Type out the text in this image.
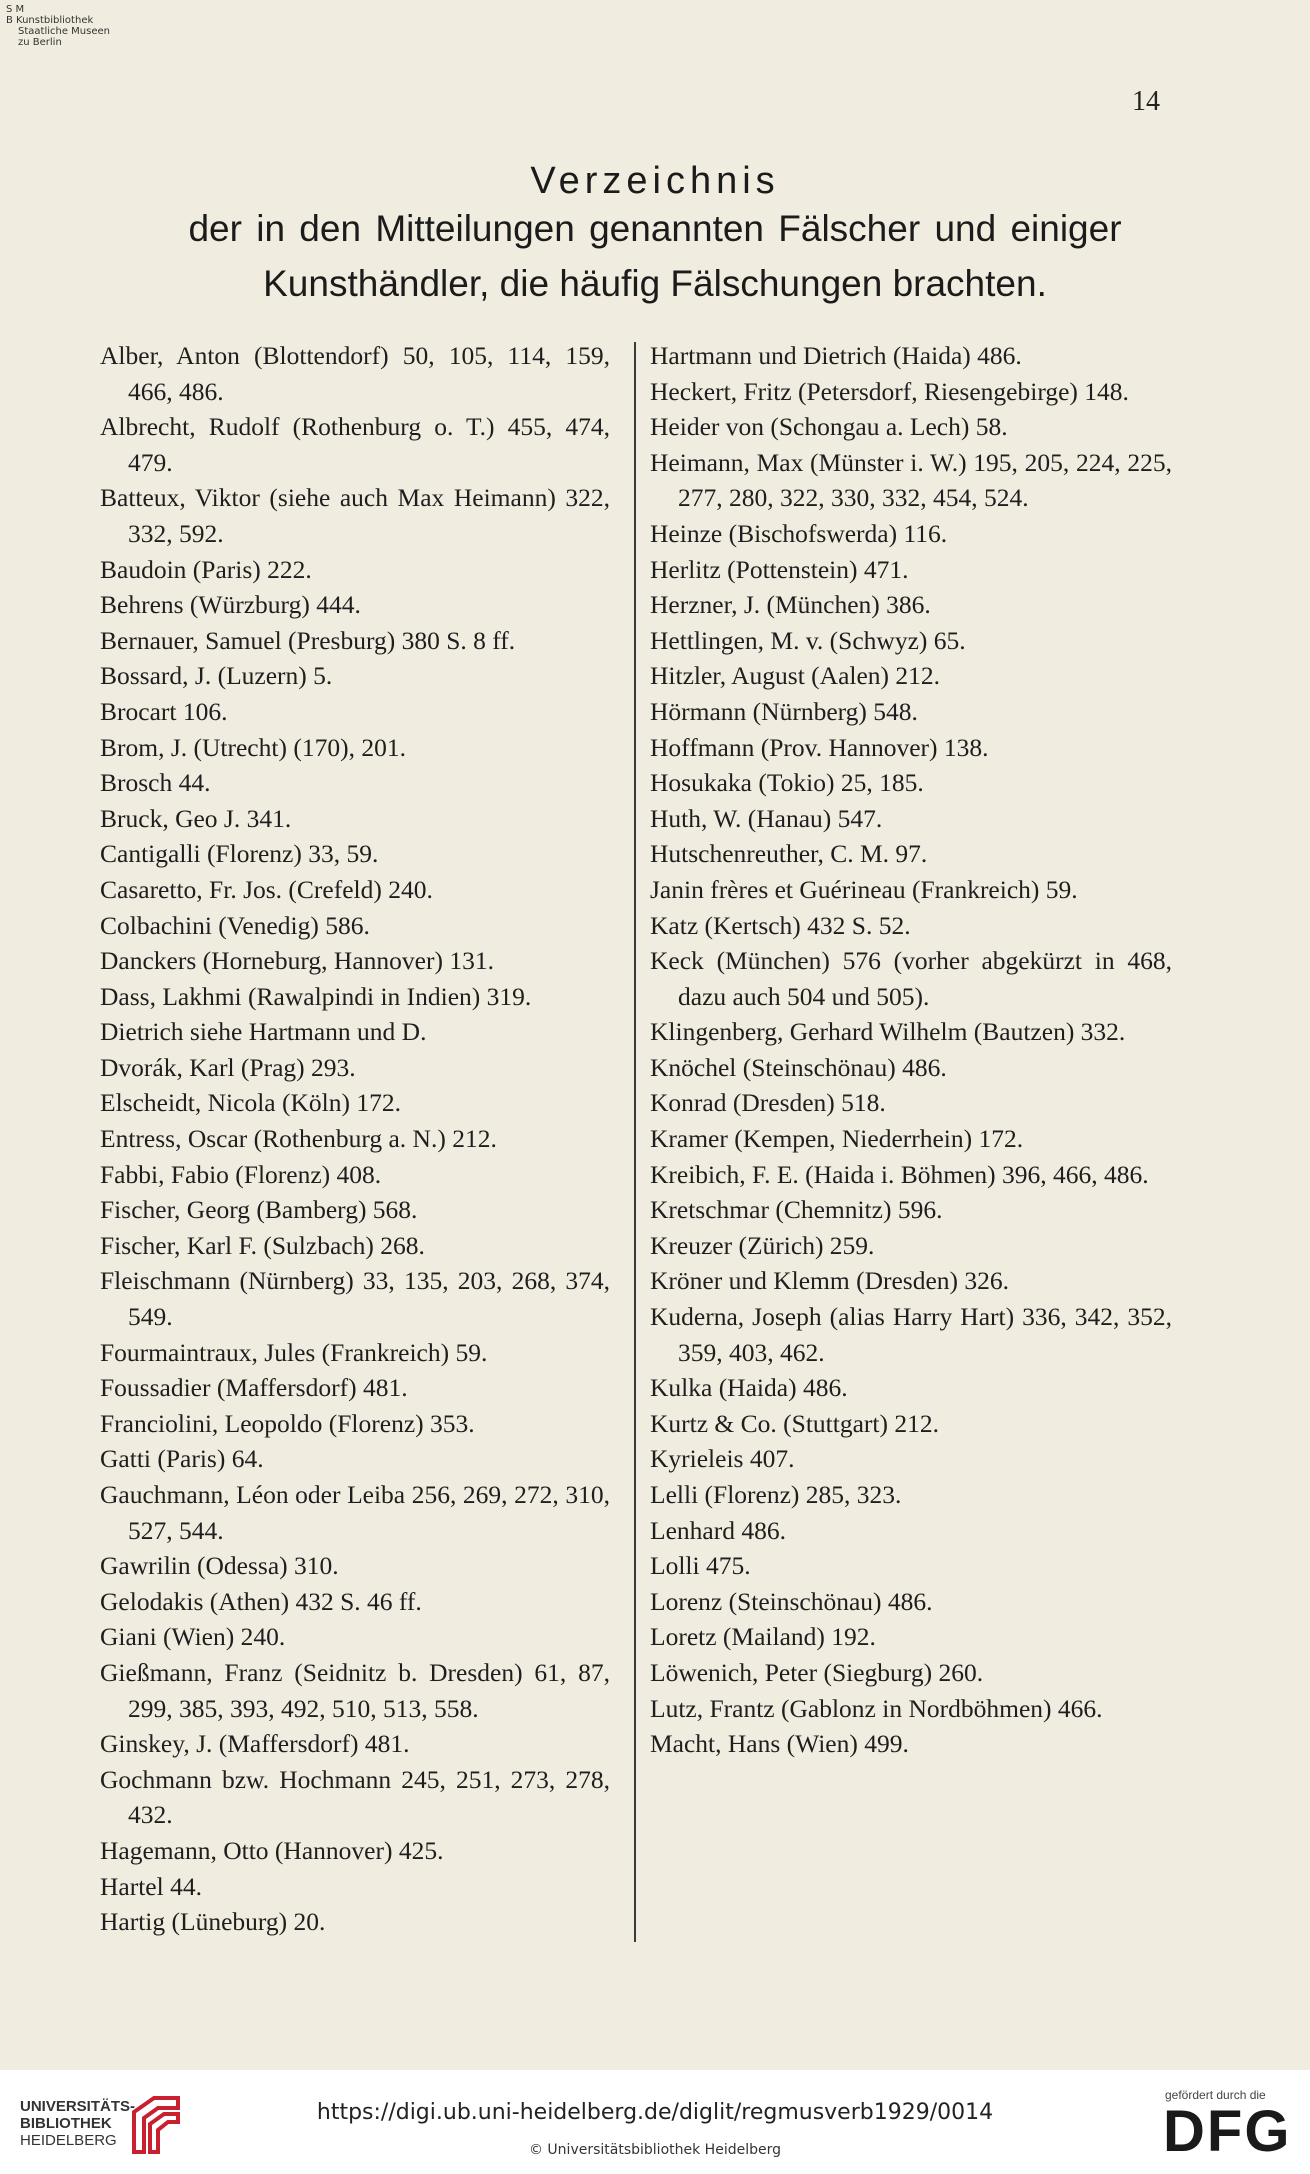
S M
B Kunstbibliothek
Staatliche Museen
zu Berlin
14
Verzeichnis
der in den Mitteilungen genannten Fälscher und einiger
Kunsthändler, die häufig Fälschungen brachten.
Alber, Anton (Blottendorf) 50, 105, 114, 159, 466, 486.
Albrecht, Rudolf (Rothenburg o. T.) 455, 474, 479.
Batteux, Viktor (siehe auch Max Heimann) 322, 332, 592.
Baudoin (Paris) 222.
Behrens (Würzburg) 444.
Bernauer, Samuel (Presburg) 380 S. 8 ff.
Bossard, J. (Luzern) 5.
Brocart 106.
Brom, J. (Utrecht) (170), 201.
Brosch 44.
Bruck, Geo J. 341.
Cantigalli (Florenz) 33, 59.
Casaretto, Fr. Jos. (Crefeld) 240.
Colbachini (Venedig) 586.
Danckers (Horneburg, Hannover) 131.
Dass, Lakhmi (Rawalpindi in Indien) 319.
Dietrich siehe Hartmann und D.
Dvorák, Karl (Prag) 293.
Elscheidt, Nicola (Köln) 172.
Entress, Oscar (Rothenburg a. N.) 212.
Fabbi, Fabio (Florenz) 408.
Fischer, Georg (Bamberg) 568.
Fischer, Karl F. (Sulzbach) 268.
Fleischmann (Nürnberg) 33, 135, 203, 268, 374, 549.
Fourmaintraux, Jules (Frankreich) 59.
Foussadier (Maffersdorf) 481.
Franciolini, Leopoldo (Florenz) 353.
Gatti (Paris) 64.
Gauchmann, Léon oder Leiba 256, 269, 272, 310, 527, 544.
Gawrilin (Odessa) 310.
Gelodakis (Athen) 432 S. 46 ff.
Giani (Wien) 240.
Gießmann, Franz (Seidnitz b. Dresden) 61, 87, 299, 385, 393, 492, 510, 513, 558.
Ginskey, J. (Maffersdorf) 481.
Gochmann bzw. Hochmann 245, 251, 273, 278, 432.
Hagemann, Otto (Hannover) 425.
Hartel 44.
Hartig (Lüneburg) 20.
Hartmann und Dietrich (Haida) 486.
Heckert, Fritz (Petersdorf, Riesengebirge) 148.
Heider von (Schongau a. Lech) 58.
Heimann, Max (Münster i. W.) 195, 205, 224, 225, 277, 280, 322, 330, 332, 454, 524.
Heinze (Bischofswerda) 116.
Herlitz (Pottenstein) 471.
Herzner, J. (München) 386.
Hettlingen, M. v. (Schwyz) 65.
Hitzler, August (Aalen) 212.
Hörmann (Nürnberg) 548.
Hoffmann (Prov. Hannover) 138.
Hosukaka (Tokio) 25, 185.
Huth, W. (Hanau) 547.
Hutschenreuther, C. M. 97.
Janin frères et Guérineau (Frankreich) 59.
Katz (Kertsch) 432 S. 52.
Keck (München) 576 (vorher abgekürzt in 468, dazu auch 504 und 505).
Klingenberg, Gerhard Wilhelm (Bautzen) 332.
Knöchel (Steinschönau) 486.
Konrad (Dresden) 518.
Kramer (Kempen, Niederrhein) 172.
Kreibich, F. E. (Haida i. Böhmen) 396, 466, 486.
Kretschmar (Chemnitz) 596.
Kreuzer (Zürich) 259.
Kröner und Klemm (Dresden) 326.
Kuderna, Joseph (alias Harry Hart) 336, 342, 352, 359, 403, 462.
Kulka (Haida) 486.
Kurtz & Co. (Stuttgart) 212.
Kyrieleis 407.
Lelli (Florenz) 285, 323.
Lenhard 486.
Lolli 475.
Lorenz (Steinschönau) 486.
Loretz (Mailand) 192.
Löwenich, Peter (Siegburg) 260.
Lutz, Frantz (Gablonz in Nordböhmen) 466.
Macht, Hans (Wien) 499.
UNIVERSITÄTS-
BIBLIOTHEK
HEIDELBERG
https://digi.ub.uni-heidelberg.de/diglit/regmusverb1929/0014
© Universitätsbibliothek Heidelberg
gefördert durch die
DFG
